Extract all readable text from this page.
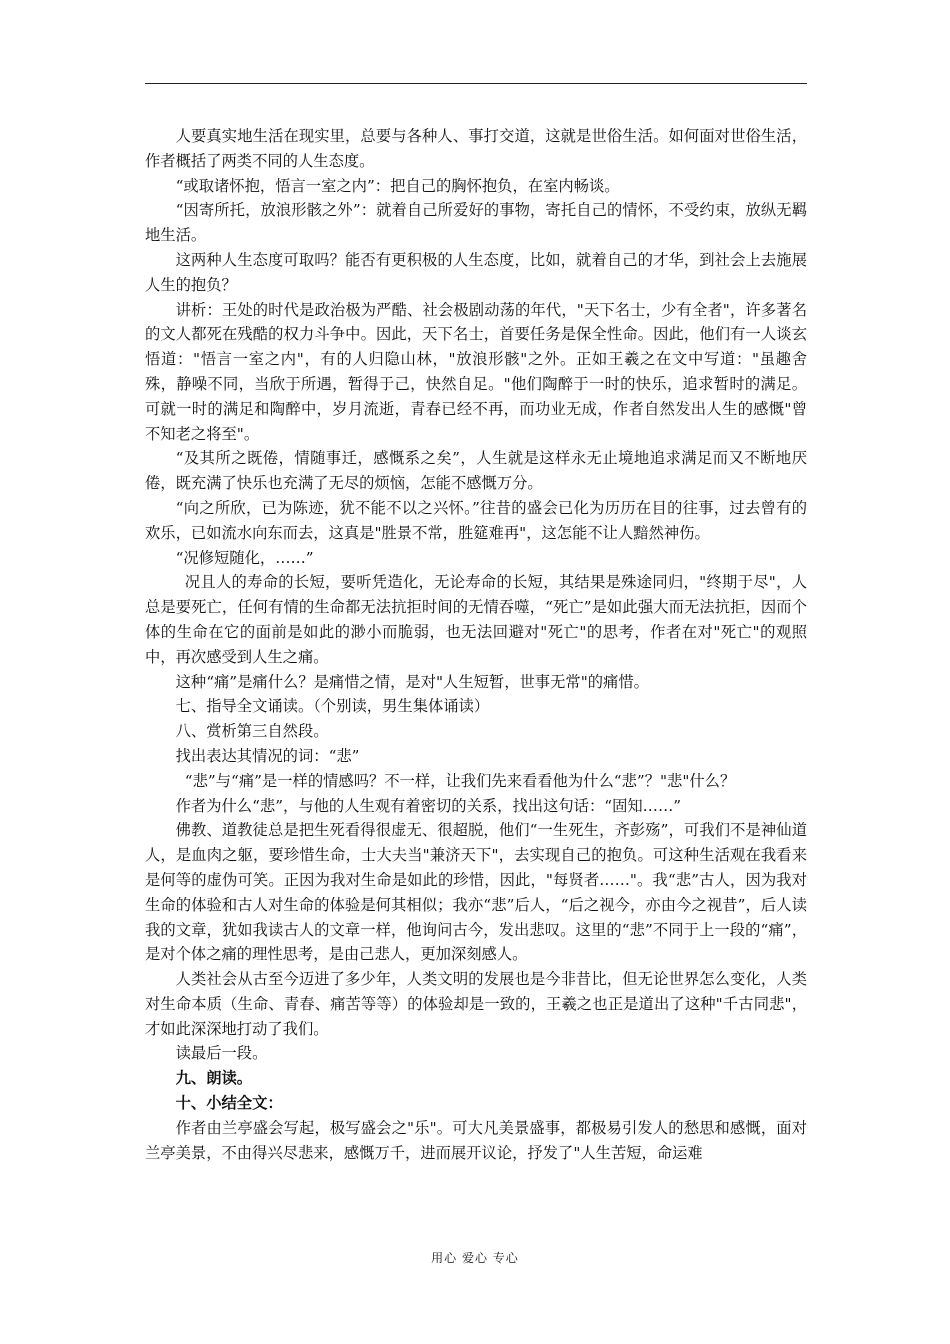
人要真实地生活在现实里，总要与各种人、事打交道，这就是世俗生活。如何面对世俗生活，作者概括了两类不同的人生态度。

“或取诸怀抱，悟言一室之内”：把自己的胸怀抱负，在室内畅谈。

“因寄所托，放浪形骸之外”：就着自己所爱好的事物，寄托自己的情怀，不受约束，放纵无羁地生活。

这两种人生态度可取吗？能否有更积极的人生态度，比如，就着自己的才华，到社会上去施展人生的抱负？

讲析：王处的时代是政治极为严酷、社会极剧动荡的年代，"天下名士，少有全者"，许多著名的文人都死在残酷的权力斗争中。因此，天下名士，首要任务是保全性命。因此，他们有一人谈玄悟道："悟言一室之内"，有的人归隐山林，"放浪形骸"之外。正如王羲之在文中写道："虽趣舍殊，静噪不同，当欣于所遇，暂得于己，快然自足。"他们陶醉于一时的快乐，追求暂时的满足。可就一时的满足和陶醉中，岁月流逝，青春已经不再，而功业无成，作者自然发出人生的感慨"曾不知老之将至"。

“及其所之既倦，情随事迁，感慨系之矣”，人生就是这样永无止境地追求满足而又不断地厌倦，既充满了快乐也充满了无尽的烦恼，怎能不感慨万分。

“向之所欣，已为陈迹，犹不能不以之兴怀。”往昔的盛会已化为历历在目的往事，过去曾有的欢乐，已如流水向东而去，这真是"胜景不常，胜筵难再"，这怎能不让人黯然神伤。

“况修短随化，……”

况且人的寿命的长短，要听凭造化，无论寿命的长短，其结果是殊途同归，"终期于尽"，人总是要死亡，任何有情的生命都无法抗拒时间的无情吞噬，“死亡”是如此强大而无法抗拒，因而个体的生命在它的面前是如此的渺小而脆弱，也无法回避对"死亡"的思考，作者在对"死亡"的观照中，再次感受到人生之痛。

这种“痛”是痛什么？是痛惜之情，是对"人生短暂，世事无常"的痛惜。

七、指导全文诵读。（个别读，男生集体诵读）

八、赏析第三自然段。

找出表达其情况的词：“悲”

“悲”与“痛”是一样的情感吗？不一样，让我们先来看看他为什么“悲”？"悲"什么？

作者为什么“悲”，与他的人生观有着密切的关系，找出这句话：“固知……”

佛教、道教徒总是把生死看得很虚无、很超脱，他们“一生死生，齐彭殇”，可我们不是神仙道人，是血肉之躯，要珍惜生命，士大夫当"兼济天下"，去实现自己的抱负。可这种生活观在我看来是何等的虚伪可笑。正因为我对生命是如此的珍惜，因此，"每贤者……"。我“悲”古人，因为我对生命的体验和古人对生命的体验是何其相似；我亦“悲”后人，“后之视今，亦由今之视昔”，后人读我的文章，犹如我读古人的文章一样，他询问古今，发出悲叹。这里的“悲”不同于上一段的“痛”，是对个体之痛的理性思考，是由己悲人，更加深刻感人。

人类社会从古至今迈进了多少年，人类文明的发展也是今非昔比，但无论世界怎么变化，人类对生命本质（生命、青春、痛苦等等）的体验却是一致的，王羲之也正是道出了这种"千古同悲"，才如此深深地打动了我们。

读最后一段。

九、朗读。

十、小结全文：

作者由兰亭盛会写起，极写盛会之"乐"。可大凡美景盛事，都极易引发人的愁思和感慨，面对兰亭美景，不由得兴尽悲来，感慨万千，进而展开议论，抒发了"人生苦短，命运难

用心 爱心 专心
